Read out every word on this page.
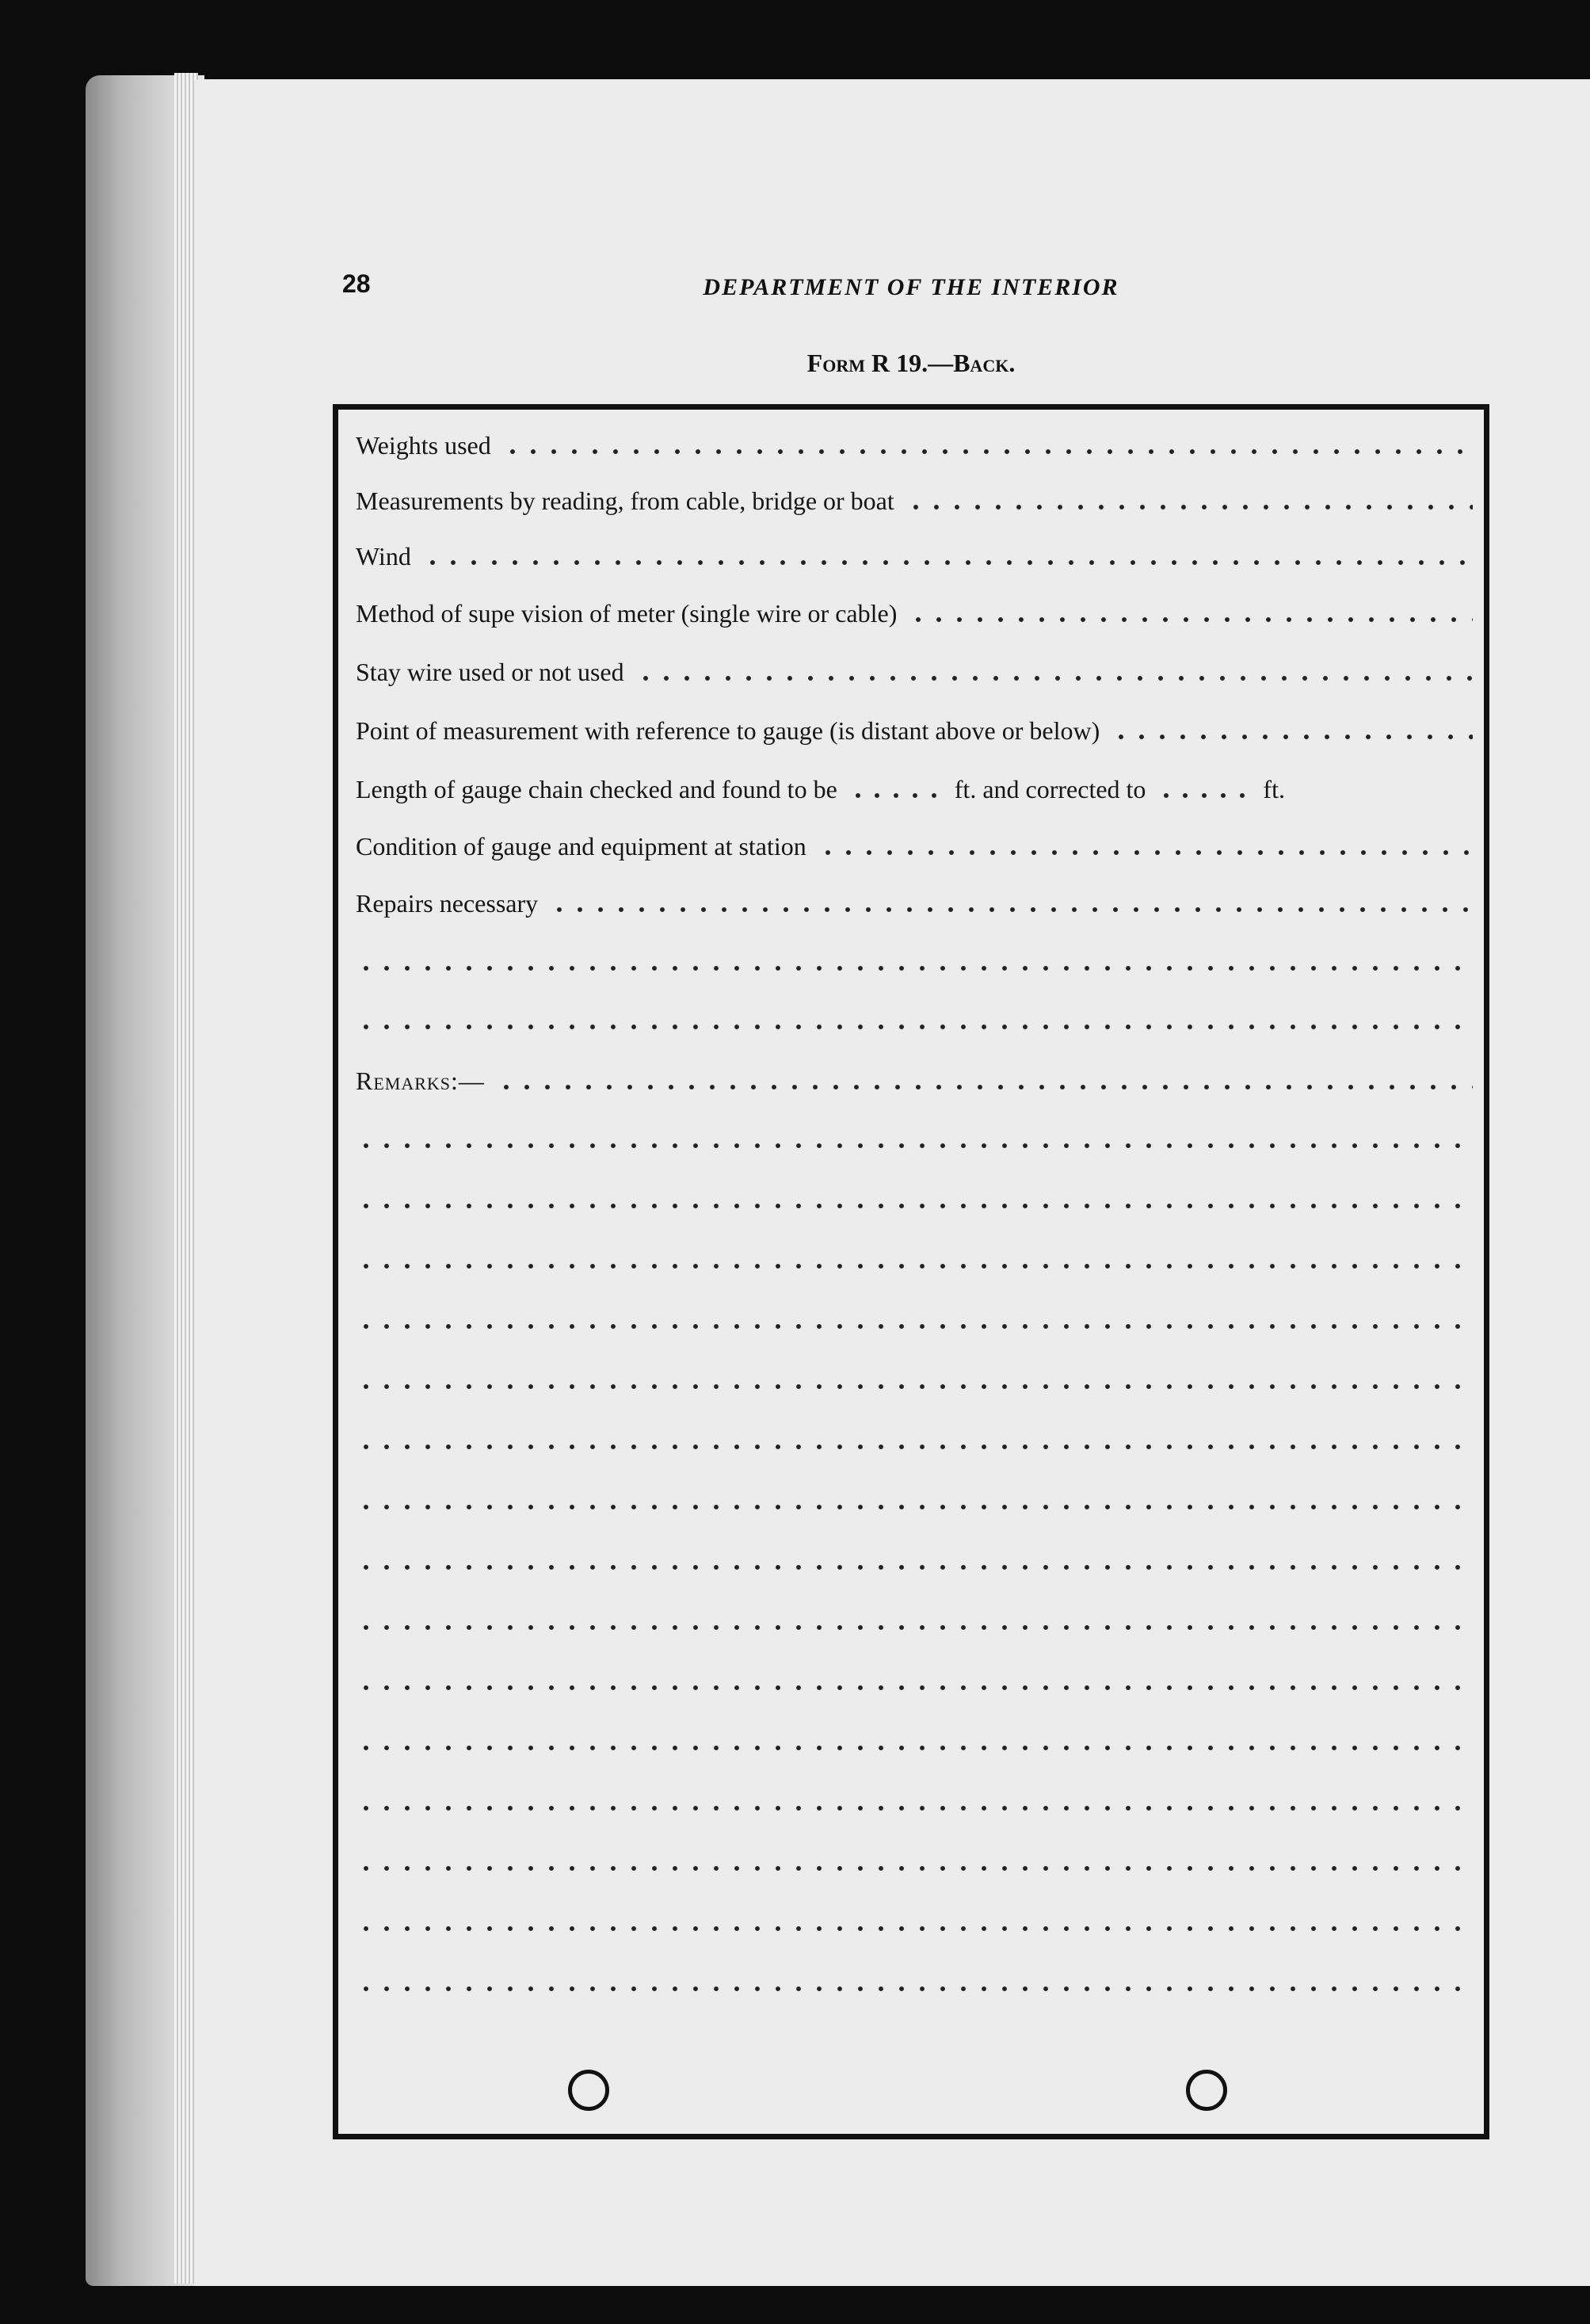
28	DEPARTMENT OF THE INTERIOR
Form R 19.—Back.
Weights used
Measurements by reading, from cable, bridge or boat
Wind
Method of supe vision of meter (single wire or cable)
Stay wire used or not used
Point of measurement with reference to gauge (is distant above or below)
Length of gauge chain checked and found to be	ft. and corrected to	ft.
Condition of gauge and equipment at station
Repairs necessary
Remarks:—
